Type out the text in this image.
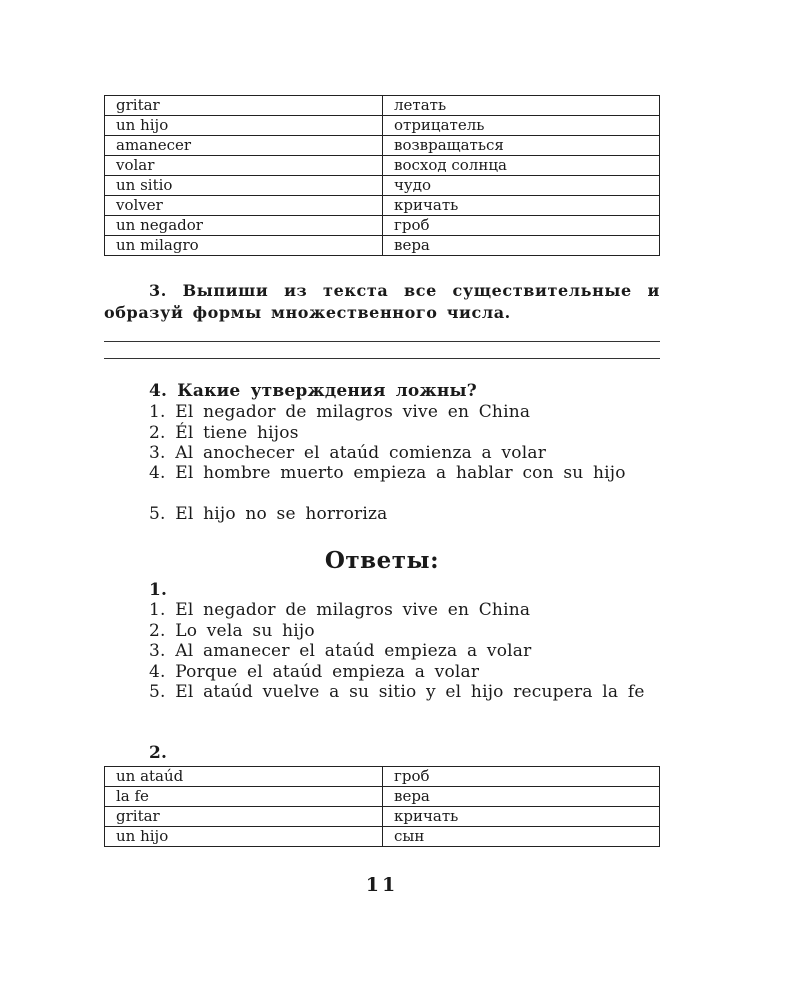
gritar	летать
un hijo	отрицатель
amanecer	возвращаться
volar	восход солнца
un sitio	чудо
volver	кричать
un negador	гроб
un milagro	вера
3. Выпиши из текста все существительные и образуй формы множественного числа.
4. Какие утверждения ложны?
1. El negador de milagros vive en China
2. Él tiene hijos
3. Al anochecer el ataúd comienza a volar
4. El hombre muerto empieza a hablar con su hijo
5. El hijo no se horroriza
Ответы:
1.
1. El negador de milagros vive en China
2. Lo vela su hijo
3. Al amanecer el ataúd empieza a volar
4. Porque el ataúd empieza a volar
5. El ataúd vuelve a su sitio y el hijo recupera la fe
2.
un ataúd	гроб
la fe	вера
gritar	кричать
un hijo	сын
11
